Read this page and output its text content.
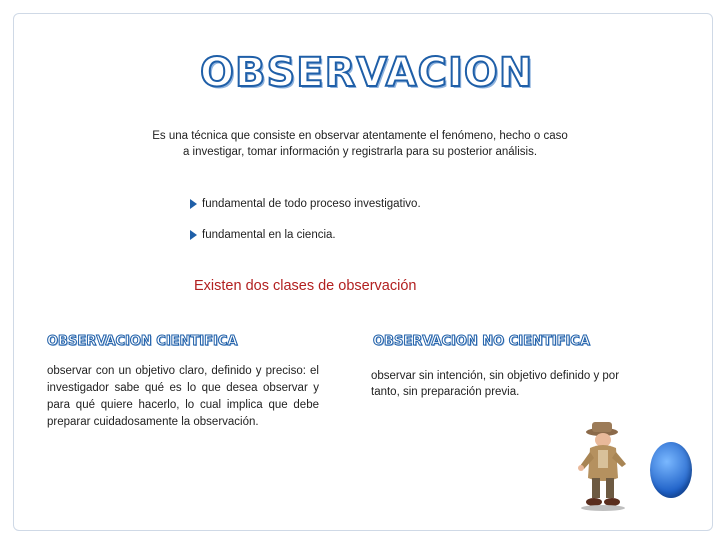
OBSERVACION
Es una técnica que consiste en observar atentamente el fenómeno, hecho o caso a investigar, tomar información y registrarla para su posterior análisis.
fundamental de todo proceso investigativo.
fundamental en la ciencia.
Existen dos clases de observación
OBSERVACION CIENTIFICA
observar con un objetivo claro, definido y preciso: el investigador sabe qué es lo que desea observar y para qué quiere hacerlo, lo cual implica que debe preparar cuidadosamente la observación.
OBSERVACION NO CIENTIFICA
observar sin intención, sin objetivo definido y por tanto, sin preparación previa.
